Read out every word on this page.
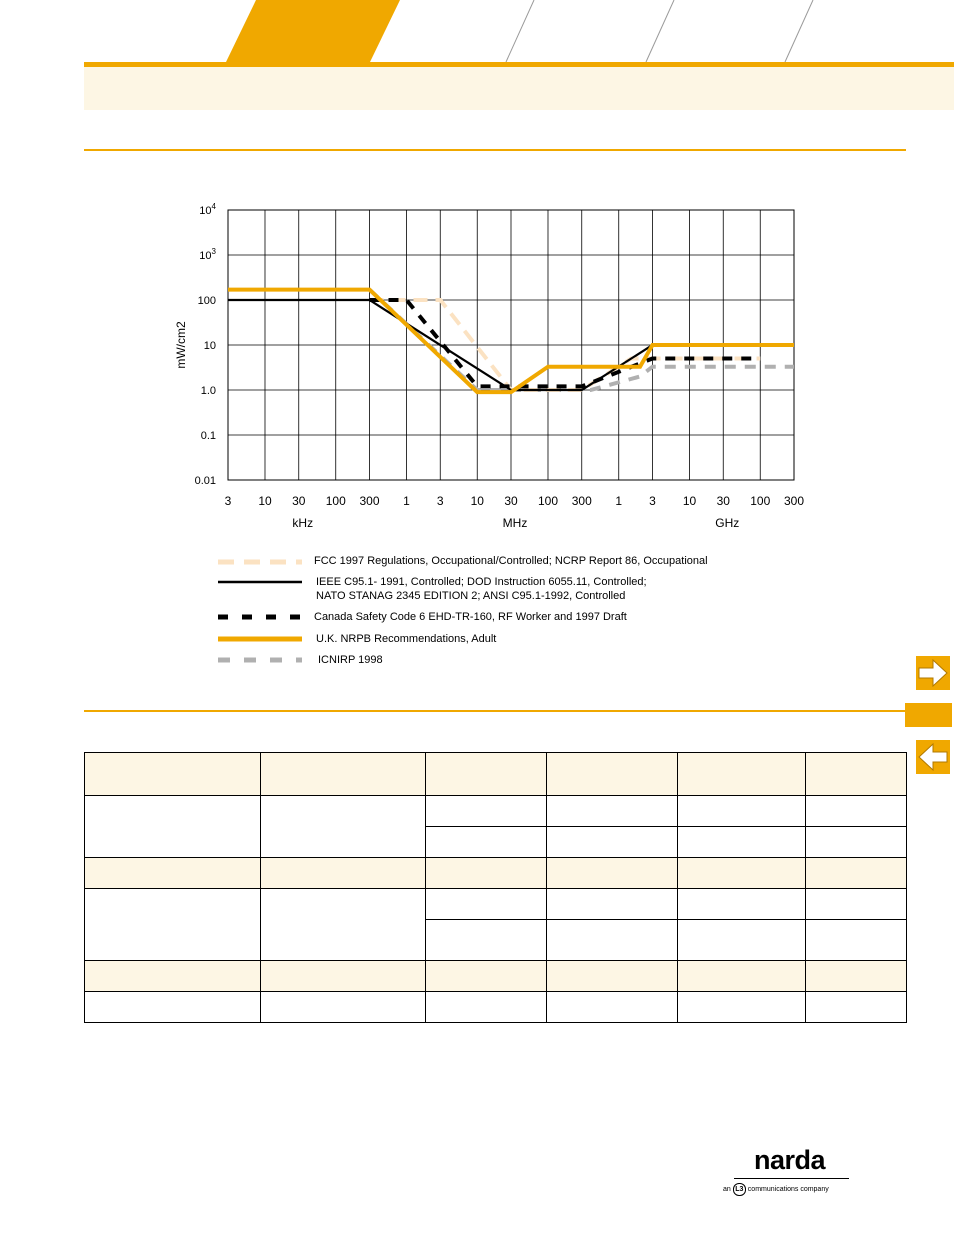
$10^4$
$10^3$
100
10
1.0
0.1
0.01
3 10 30 100 300 1 3 10 30 100 300 1 3 10 30 100 300
kHz	MHz	GHz
mW/cm2
FCC 1997 Regulations, Occupational/Controlled; NCRP Report 86, Occupational
IEEE C95.1- 1991, Controlled; DOD Instruction 6055.11, Controlled;
NATO STANAG 2345 EDITION 2; ANSI C95.1-1992, Controlled
Canada Safety Code 6 EHD-TR-160, RF Worker and 1997 Draft
U.K. NRPB Recommendations, Adult
ICNIRP 1998

narda
an L3 communications company
